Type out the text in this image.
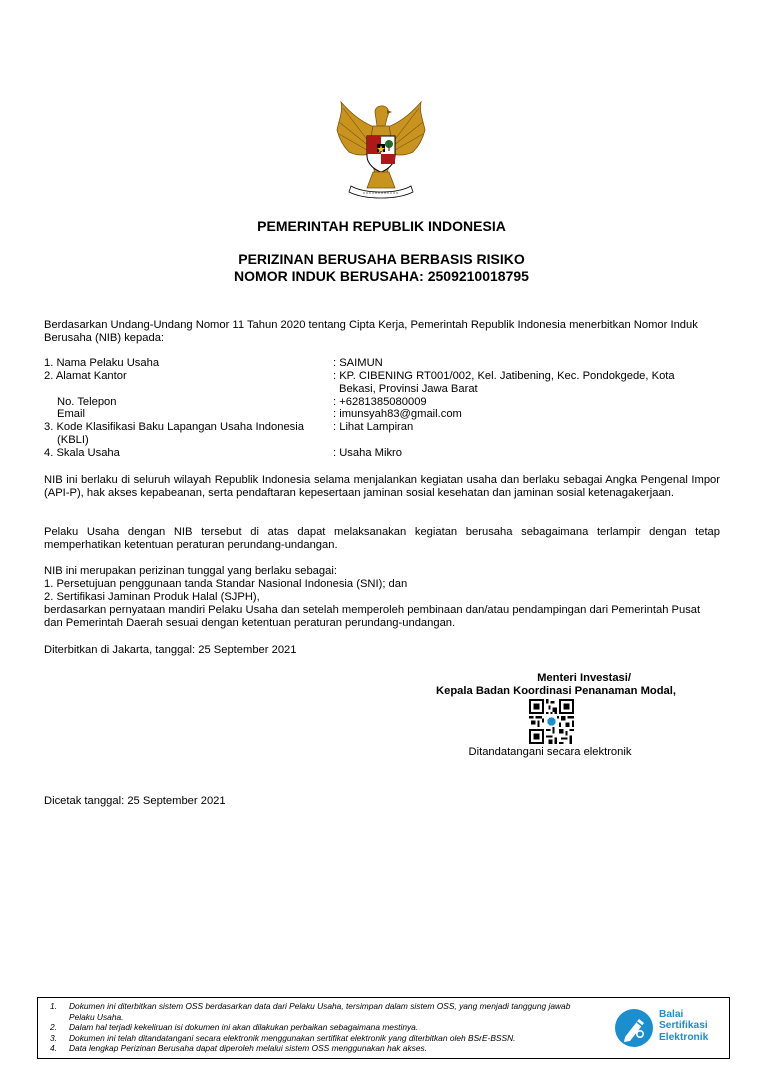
PEMERINTAH REPUBLIK INDONESIA
PERIZINAN BERUSAHA BERBASIS RISIKO
NOMOR INDUK BERUSAHA: 2509210018795
Berdasarkan Undang-Undang Nomor 11 Tahun 2020 tentang Cipta Kerja, Pemerintah Republik Indonesia menerbitkan Nomor Induk Berusaha (NIB) kepada:
1. Nama Pelaku Usaha	: SAIMUN
2. Alamat Kantor	: KP. CIBENING RT001/002, Kel. Jatibening, Kec. Pondokgede, Kota
Bekasi, Provinsi Jawa Barat
No. Telepon	: +6281385080009
Email	: imunsyah83@gmail.com
3. Kode Klasifikasi Baku Lapangan Usaha Indonesia	: Lihat Lampiran
(KBLI)
4. Skala Usaha	: Usaha Mikro
NIB ini berlaku di seluruh wilayah Republik Indonesia selama menjalankan kegiatan usaha dan berlaku sebagai Angka Pengenal Impor (API-P), hak akses kepabeanan, serta pendaftaran kepesertaan jaminan sosial kesehatan dan jaminan sosial ketenagakerjaan.
Pelaku Usaha dengan NIB tersebut di atas dapat melaksanakan kegiatan berusaha sebagaimana terlampir dengan tetap memperhatikan ketentuan peraturan perundang-undangan.
NIB ini merupakan perizinan tunggal yang berlaku sebagai:
1. Persetujuan penggunaan tanda Standar Nasional Indonesia (SNI); dan
2. Sertifikasi Jaminan Produk Halal (SJPH),
berdasarkan pernyataan mandiri Pelaku Usaha dan setelah memperoleh pembinaan dan/atau pendampingan dari Pemerintah Pusat dan Pemerintah Daerah sesuai dengan ketentuan peraturan perundang-undangan.
Diterbitkan di Jakarta, tanggal: 25 September 2021
Menteri Investasi/
Kepala Badan Koordinasi Penanaman Modal,
Ditandatangani secara elektronik
Dicetak tanggal: 25 September 2021
1. Dokumen ini diterbitkan sistem OSS berdasarkan data dari Pelaku Usaha, tersimpan dalam sistem OSS, yang menjadi tanggung jawab Pelaku Usaha.
2. Dalam hal terjadi kekeliruan isi dokumen ini akan dilakukan perbaikan sebagaimana mestinya.
3. Dokumen ini telah ditandatangani secara elektronik menggunakan sertifikat elektronik yang diterbitkan oleh BSrE-BSSN.
4. Data lengkap Perizinan Berusaha dapat diperoleh melalui sistem OSS menggunakan hak akses.
Balai
Sertifikasi
Elektronik
